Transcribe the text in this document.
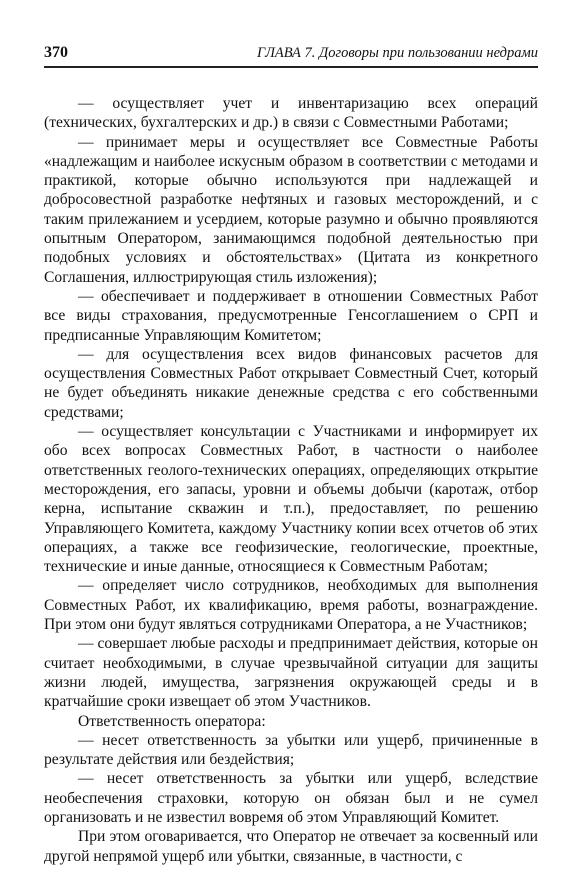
370	ГЛАВА 7. Договоры при пользовании недрами

— осуществляет учет и инвентаризацию всех операций (технических, бухгалтерских и др.) в связи с Совместными Работами;

— принимает меры и осуществляет все Совместные Работы «надлежащим и наиболее искусным образом в соответствии с методами и практикой, которые обычно используются при надлежащей и добросовестной разработке нефтяных и газовых месторождений, и с таким прилежанием и усердием, которые разумно и обычно проявляются опытным Оператором, занимающимся подобной деятельностью при подобных условиях и обстоятельствах» (Цитата из конкретного Соглашения, иллюстрирующая стиль изложения);

— обеспечивает и поддерживает в отношении Совместных Работ все виды страхования, предусмотренные Генсоглашением о СРП и предписанные Управляющим Комитетом;

— для осуществления всех видов финансовых расчетов для осуществления Совместных Работ открывает Совместный Счет, который не будет объединять никакие денежные средства с его собственными средствами;

— осуществляет консультации с Участниками и информирует их обо всех вопросах Совместных Работ, в частности о наиболее ответственных геолого-технических операциях, определяющих открытие месторождения, его запасы, уровни и объемы добычи (каротаж, отбор керна, испытание скважин и т.п.), предоставляет, по решению Управляющего Комитета, каждому Участнику копии всех отчетов об этих операциях, а также все геофизические, геологические, проектные, технические и иные данные, относящиеся к Совместным Работам;

— определяет число сотрудников, необходимых для выполнения Совместных Работ, их квалификацию, время работы, вознаграждение. При этом они будут являться сотрудниками Оператора, а не Участников;

— совершает любые расходы и предпринимает действия, которые он считает необходимыми, в случае чрезвычайной ситуации для защиты жизни людей, имущества, загрязнения окружающей среды и в кратчайшие сроки извещает об этом Участников.

Ответственность оператора:

— несет ответственность за убытки или ущерб, причиненные в результате действия или бездействия;

— несет ответственность за убытки или ущерб, вследствие необеспечения страховки, которую он обязан был и не сумел организовать и не известил вовремя об этом Управляющий Комитет.

При этом оговаривается, что Оператор не отвечает за косвенный или другой непрямой ущерб или убытки, связанные, в частности, с
